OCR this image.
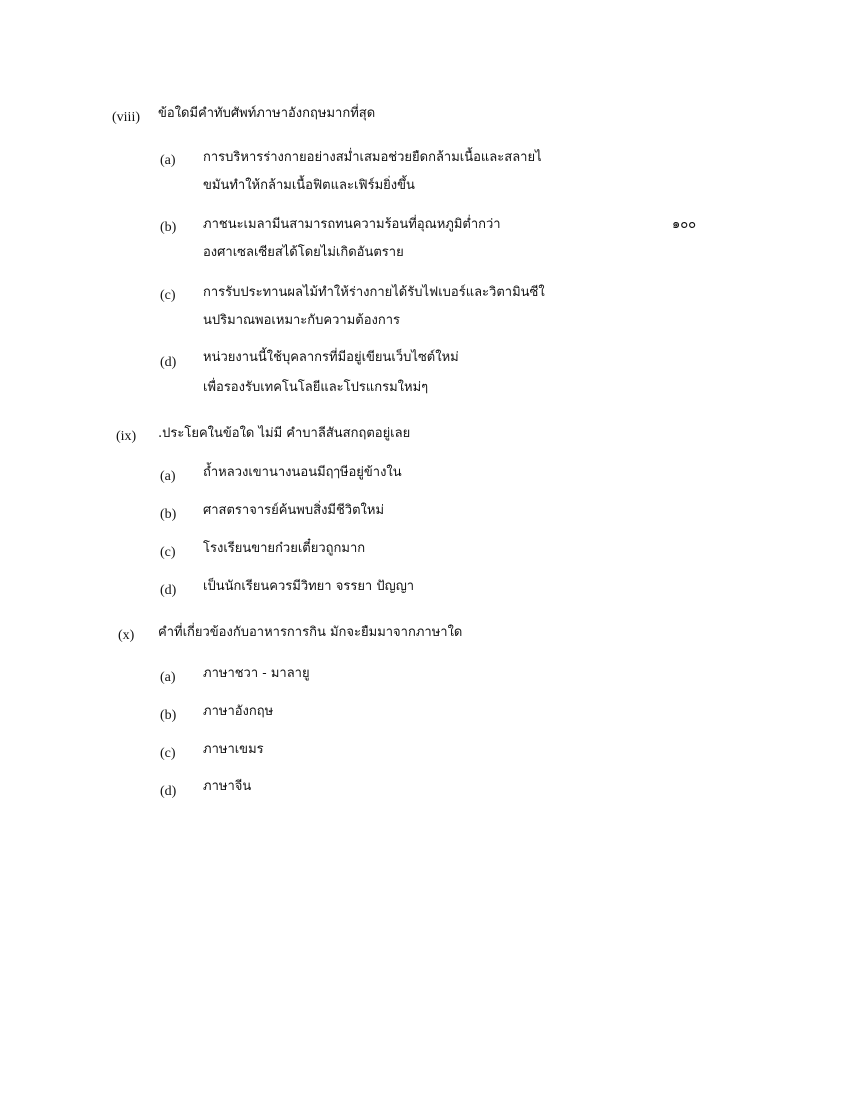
(viii) ข้อใดมีคำทับศัพท์ภาษาอังกฤษมากที่สุด
(a) การบริหารร่างกายอย่างสม่ำเสมอช่วยยืดกล้ามเนื้อและสลายไ
ขมันทำให้กล้ามเนื้อฟิตและเฟิร์มยิ่งขึ้น
(b) ภาชนะเมลามีนสามารถทนความร้อนที่อุณหภูมิต่ำกว่า	๑๐๐
องศาเซลเซียสได้โดยไม่เกิดอันตราย
(c) การรับประทานผลไม้ทำให้ร่างกายได้รับไฟเบอร์และวิตามินซีใ
นปริมาณพอเหมาะกับความต้องการ
(d) หน่วยงานนี้ใช้บุคลากรที่มีอยู่เขียนเว็บไซต์ใหม่
เพื่อรองรับเทคโนโลยีและโปรแกรมใหม่ๆ
(ix) .ประโยคในข้อใด ไม่มี คำบาลีสันสกฤตอยู่เลย
(a) ถ้ำหลวงเขานางนอนมีฤๅษีอยู่ข้างใน
(b) ศาสตราจารย์ค้นพบสิ่งมีชีวิตใหม่
(c) โรงเรียนขายก๋วยเตี๋ยวถูกมาก
(d) เป็นนักเรียนควรมีวิทยา จรรยา ปัญญา
(x) คำที่เกี่ยวข้องกับอาหารการกิน มักจะยืมมาจากภาษาใด
(a) ภาษาชวา - มาลายู
(b) ภาษาอังกฤษ
(c) ภาษาเขมร
(d) ภาษาจีน
